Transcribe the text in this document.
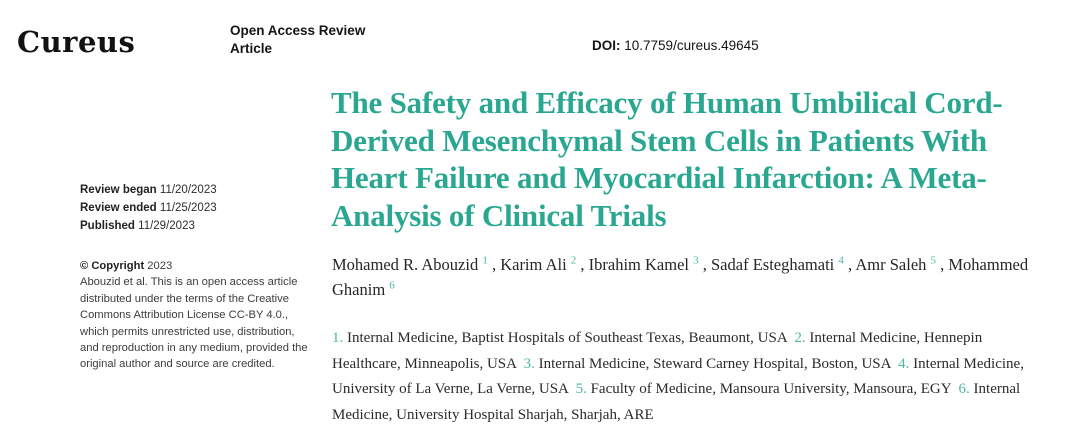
Cureus	Open Access Review Article	DOI: 10.7759/cureus.49645
Review began 11/20/2023
Review ended 11/25/2023
Published 11/29/2023
© Copyright 2023
Abouzid et al. This is an open access article distributed under the terms of the Creative Commons Attribution License CC-BY 4.0., which permits unrestricted use, distribution, and reproduction in any medium, provided the original author and source are credited.
The Safety and Efficacy of Human Umbilical Cord-
Derived Mesenchymal Stem Cells in Patients With
Heart Failure and Myocardial Infarction: A Meta-
Analysis of Clinical Trials
Mohamed R. Abouzid $^1$ , Karim Ali $^2$ , Ibrahim Kamel $^3$ , Sadaf Esteghamati $^4$ , Amr Saleh $^5$ , Mohammed Ghanim $^6$
1. Internal Medicine, Baptist Hospitals of Southeast Texas, Beaumont, USA 2. Internal Medicine, Hennepin Healthcare, Minneapolis, USA 3. Internal Medicine, Steward Carney Hospital, Boston, USA 4. Internal Medicine, University of La Verne, La Verne, USA 5. Faculty of Medicine, Mansoura University, Mansoura, EGY 6. Internal Medicine, University Hospital Sharjah, Sharjah, ARE
